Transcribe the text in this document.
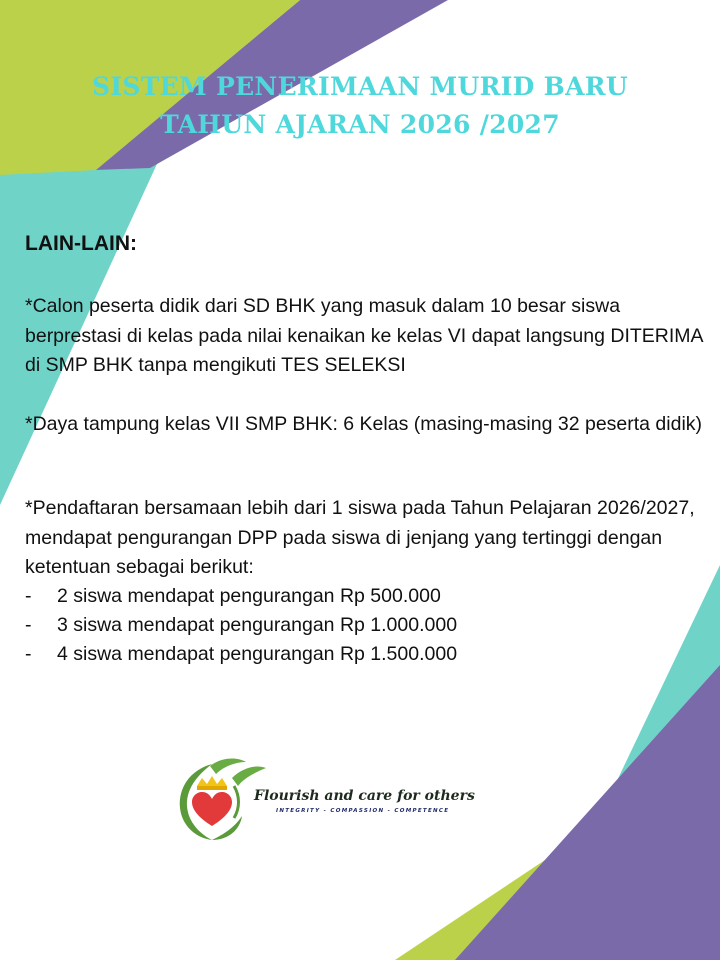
SISTEM PENERIMAAN MURID BARU
TAHUN AJARAN 2026 /2027
LAIN-LAIN:

*Calon peserta didik dari SD BHK yang masuk dalam 10 besar siswa berprestasi di kelas pada nilai kenaikan ke kelas VI dapat langsung DITERIMA di SMP BHK tanpa mengikuti TES SELEKSI

*Daya tampung kelas VII SMP BHK: 6 Kelas (masing-masing 32 peserta didik)

*Pendaftaran bersamaan lebih dari 1 siswa pada Tahun Pelajaran 2026/2027, mendapat pengurangan DPP pada siswa di jenjang yang tertinggi dengan ketentuan sebagai berikut:

- 2 siswa mendapat pengurangan Rp 500.000
- 3 siswa mendapat pengurangan Rp 1.000.000
- 4 siswa mendapat pengurangan Rp 1.500.000
Flourish and care for others
INTEGRITY - COMPASSION - COMPETENCE
